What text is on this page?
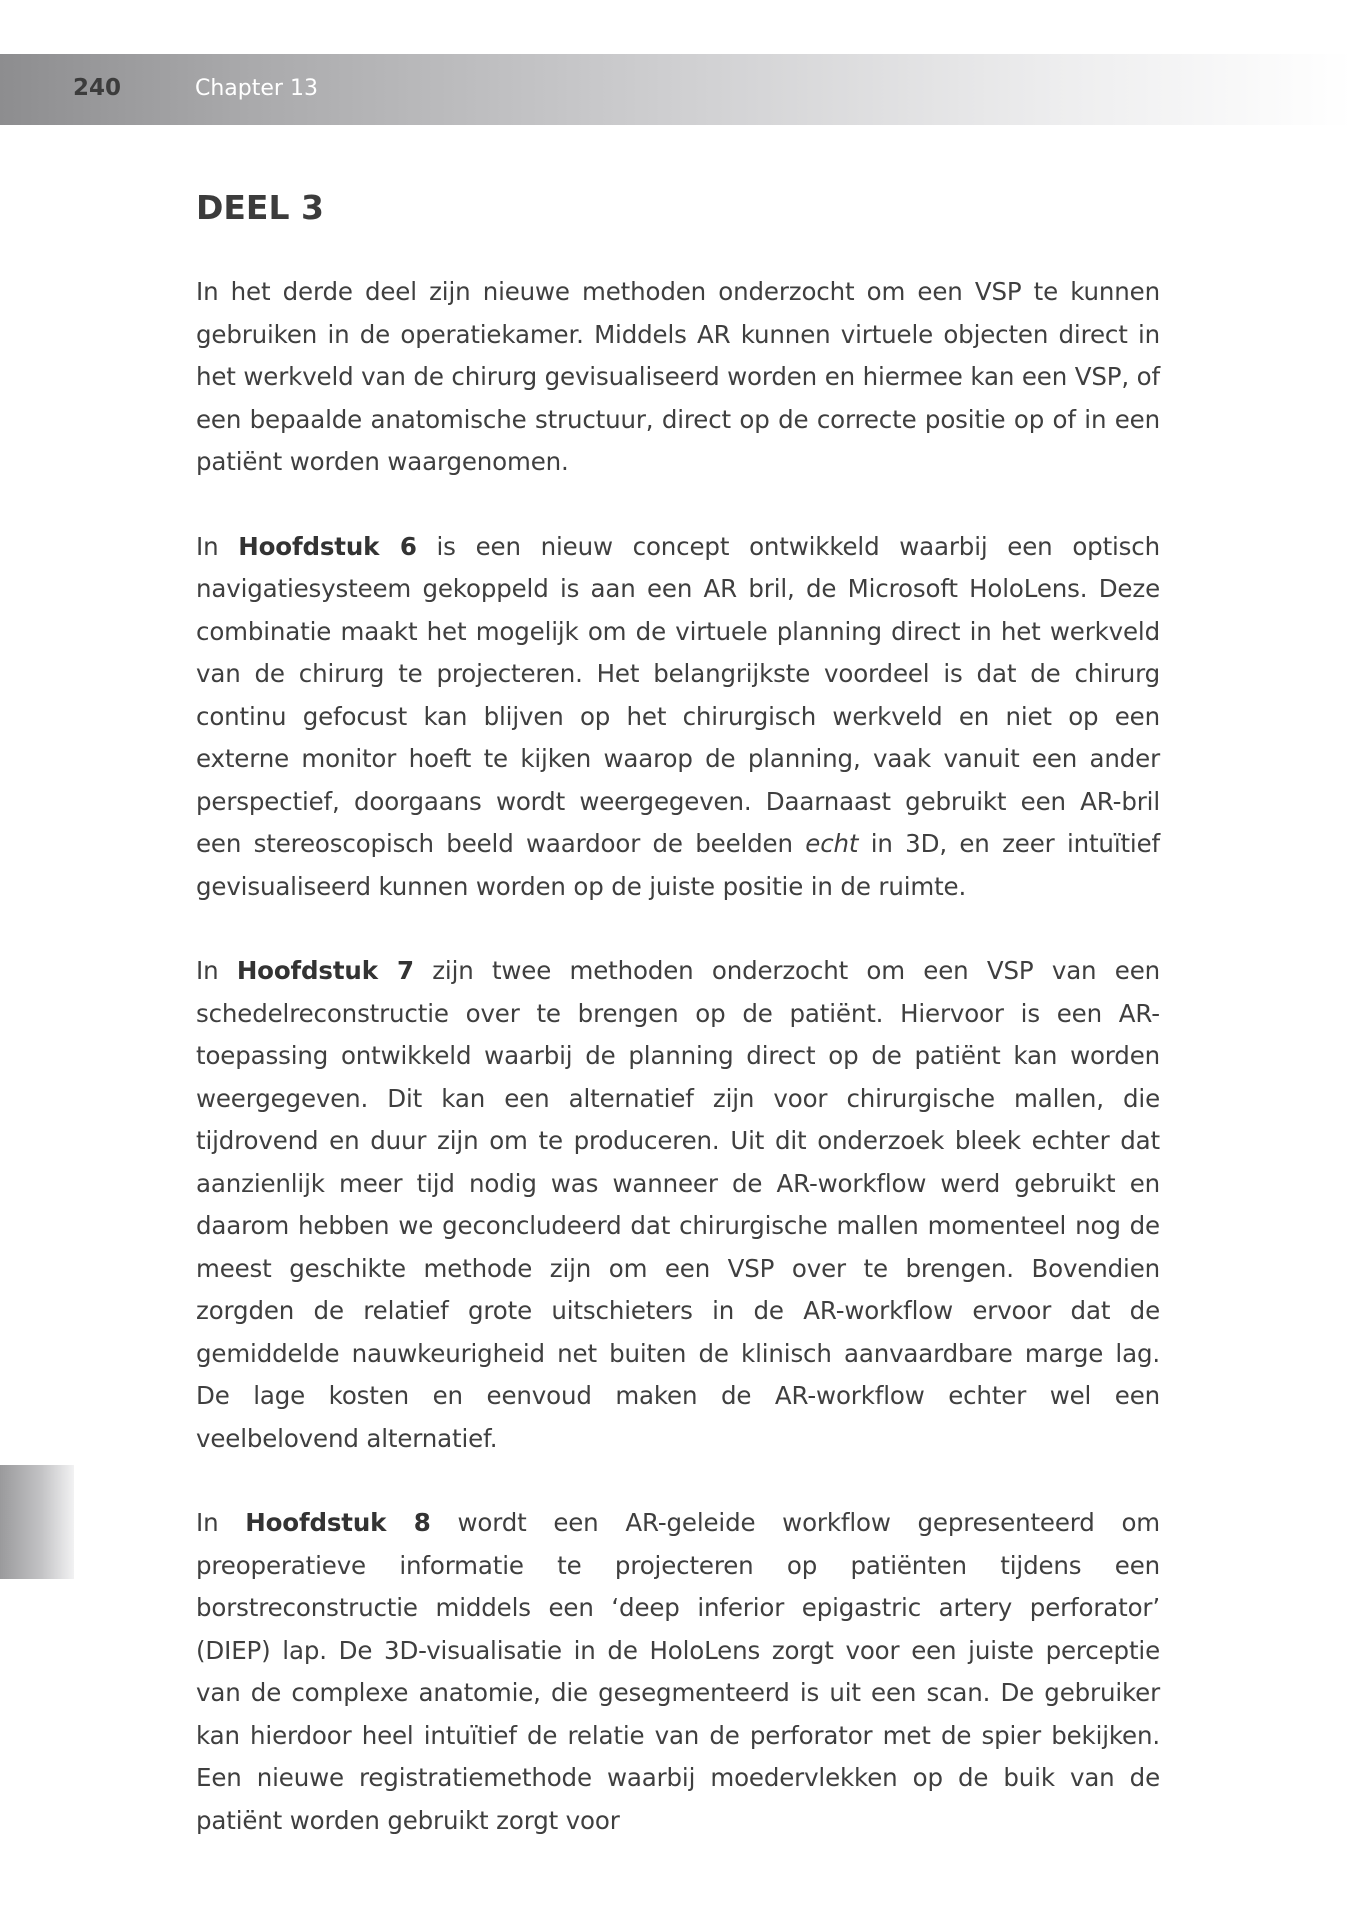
240	Chapter 13

DEEL 3

In het derde deel zijn nieuwe methoden onderzocht om een VSP te kunnen gebruiken in de operatiekamer. Middels AR kunnen virtuele objecten direct in het werkveld van de chirurg gevisualiseerd worden en hiermee kan een VSP, of een bepaalde anatomische structuur, direct op de correcte positie op of in een patiënt worden waargenomen.

In Hoofdstuk 6 is een nieuw concept ontwikkeld waarbij een optisch navigatiesysteem gekoppeld is aan een AR bril, de Microsoft HoloLens. Deze combinatie maakt het mogelijk om de virtuele planning direct in het werkveld van de chirurg te projecteren. Het belangrijkste voordeel is dat de chirurg continu gefocust kan blijven op het chirurgisch werkveld en niet op een externe monitor hoeft te kijken waarop de planning, vaak vanuit een ander perspectief, doorgaans wordt weergegeven. Daarnaast gebruikt een AR-bril een stereoscopisch beeld waardoor de beelden echt in 3D, en zeer intuïtief gevisualiseerd kunnen worden op de juiste positie in de ruimte.

In Hoofdstuk 7 zijn twee methoden onderzocht om een VSP van een schedelreconstructie over te brengen op de patiënt. Hiervoor is een AR-toepassing ontwikkeld waarbij de planning direct op de patiënt kan worden weergegeven. Dit kan een alternatief zijn voor chirurgische mallen, die tijdrovend en duur zijn om te produceren. Uit dit onderzoek bleek echter dat aanzienlijk meer tijd nodig was wanneer de AR-workflow werd gebruikt en daarom hebben we geconcludeerd dat chirurgische mallen momenteel nog de meest geschikte methode zijn om een VSP over te brengen. Bovendien zorgden de relatief grote uitschieters in de AR-workflow ervoor dat de gemiddelde nauwkeurigheid net buiten de klinisch aanvaardbare marge lag. De lage kosten en eenvoud maken de AR-workflow echter wel een veelbelovend alternatief.

In Hoofdstuk 8 wordt een AR-geleide workflow gepresenteerd om preoperatieve informatie te projecteren op patiënten tijdens een borstreconstructie middels een ‘deep inferior epigastric artery perforator’ (DIEP) lap. De 3D-visualisatie in de HoloLens zorgt voor een juiste perceptie van de complexe anatomie, die gesegmenteerd is uit een scan. De gebruiker kan hierdoor heel intuïtief de relatie van de perforator met de spier bekijken. Een nieuwe registratiemethode waarbij moedervlekken op de buik van de patiënt worden gebruikt zorgt voor
